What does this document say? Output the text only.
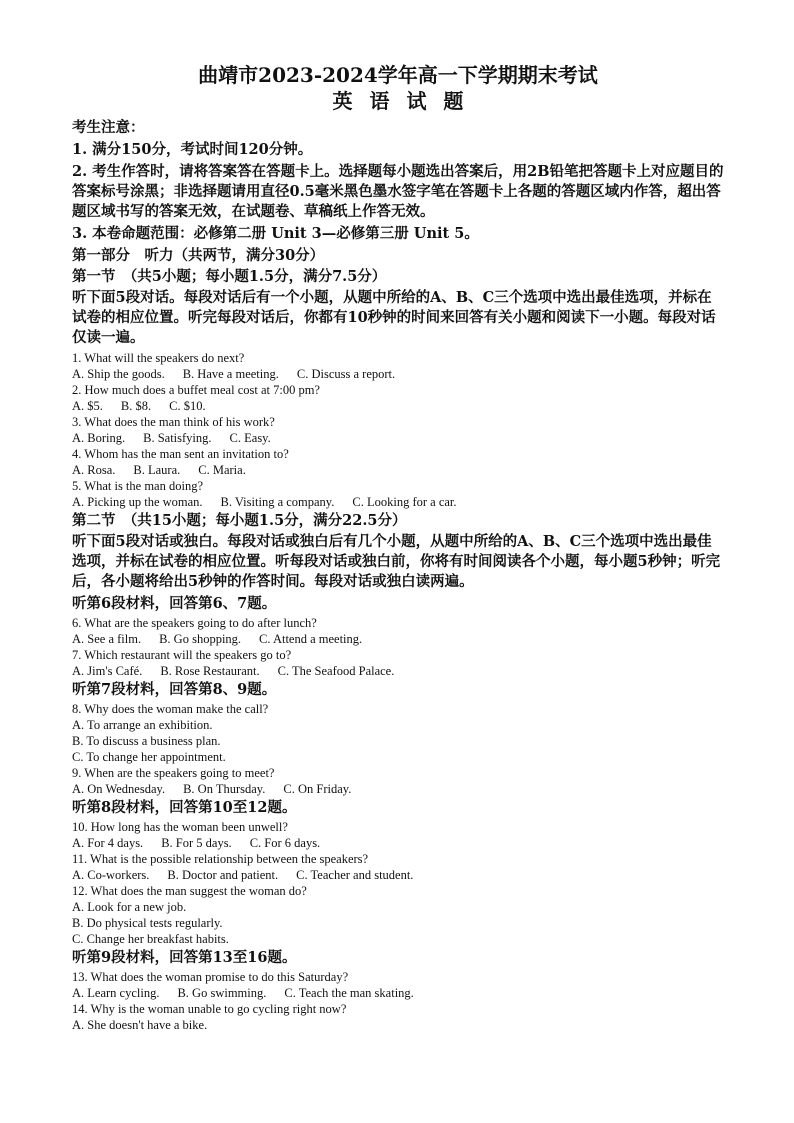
曲靖市2023-2024学年高一下学期期末考试
英 语 试 题

考生注意：

1. 满分150分，考试时间120分钟。

2. 考生作答时，请将答案答在答题卡上。选择题每小题选出答案后，用2B铅笔把答题卡上对应题目的答案标号涂黑；非选择题请用直径0.5毫米黑色墨水签字笔在答题卡上各题的答题区域内作答，超出答题区域书写的答案无效，在试题卷、草稿纸上作答无效。

3. 本卷命题范围：必修第二册 Unit 3—必修第三册 Unit 5。

第一部分　听力（共两节，满分30分）

第一节　（共5小题；每小题1.5分，满分7.5分）

听下面5段对话。每段对话后有一个小题，从题中所给的A、B、C三个选项中选出最佳选项，并标在试卷的相应位置。听完每段对话后，你都有10秒钟的时间来回答有关小题和阅读下一小题。每段对话仅读一遍。

1. What will the speakers do next?

A. Ship the goods. B. Have a meeting. C. Discuss a report.

2. How much does a buffet meal cost at 7:00 pm?

A. $5. B. $8. C. $10.

3. What does the man think of his work?

A. Boring. B. Satisfying. C. Easy.

4. Whom has the man sent an invitation to?

A. Rosa. B. Laura. C. Maria.

5. What is the man doing?

A. Picking up the woman. B. Visiting a company. C. Looking for a car.

第二节　（共15小题；每小题1.5分，满分22.5分）

听下面5段对话或独白。每段对话或独白后有几个小题，从题中所给的A、B、C三个选项中选出最佳选项，并标在试卷的相应位置。听每段对话或独白前，你将有时间阅读各个小题，每小题5秒钟；听完后，各小题将给出5秒钟的作答时间。每段对话或独白读两遍。

听第6段材料，回答第6、7题。

6. What are the speakers going to do after lunch?

A. See a film. B. Go shopping. C. Attend a meeting.

7. Which restaurant will the speakers go to?

A. Jim's Café. B. Rose Restaurant. C. The Seafood Palace.

听第7段材料，回答第8、9题。

8. Why does the woman make the call?

A. To arrange an exhibition.

B. To discuss a business plan.

C. To change her appointment.

9. When are the speakers going to meet?

A. On Wednesday. B. On Thursday. C. On Friday.

听第8段材料，回答第10至12题。

10. How long has the woman been unwell?

A. For 4 days. B. For 5 days. C. For 6 days.

11. What is the possible relationship between the speakers?

A. Co-workers. B. Doctor and patient. C. Teacher and student.

12. What does the man suggest the woman do?

A. Look for a new job.

B. Do physical tests regularly.

C. Change her breakfast habits.

听第9段材料，回答第13至16题。

13. What does the woman promise to do this Saturday?

A. Learn cycling. B. Go swimming. C. Teach the man skating.

14. Why is the woman unable to go cycling right now?

A. She doesn't have a bike.
